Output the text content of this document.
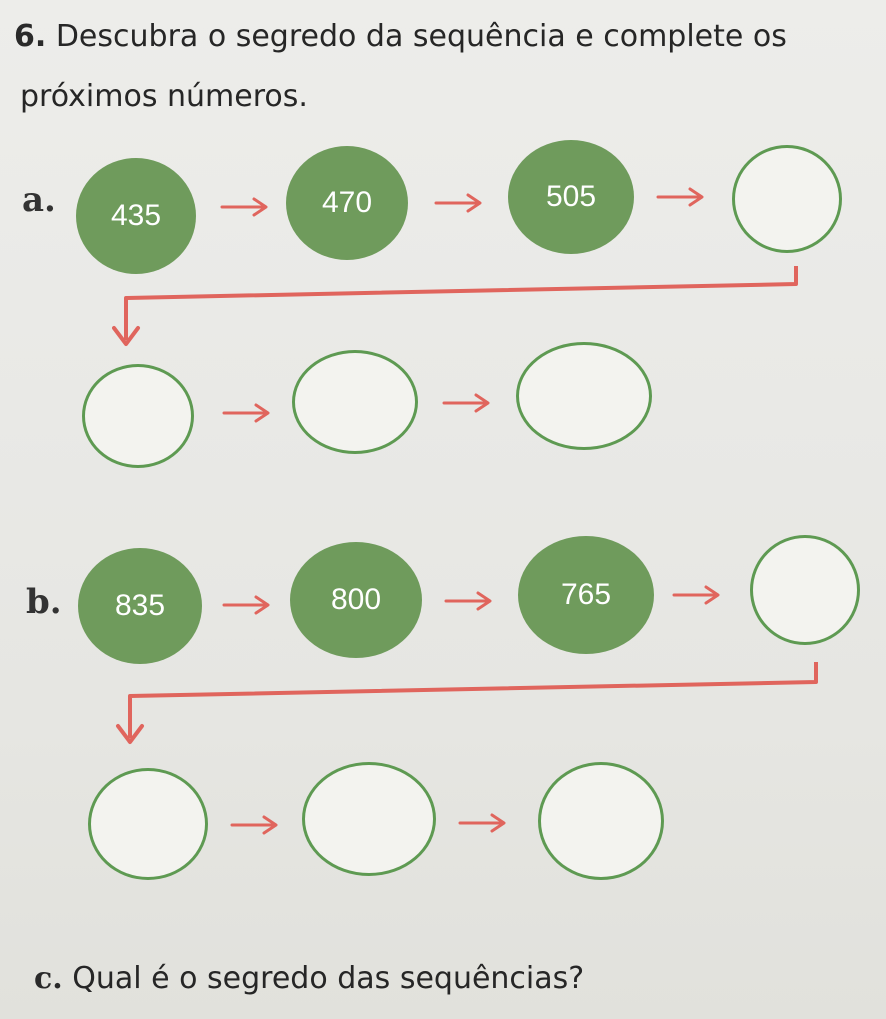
6. Descubra o segredo da sequência e complete os
próximos números.
a.	435	470	505
b.	835	800	765
c. Qual é o segredo das sequências?
